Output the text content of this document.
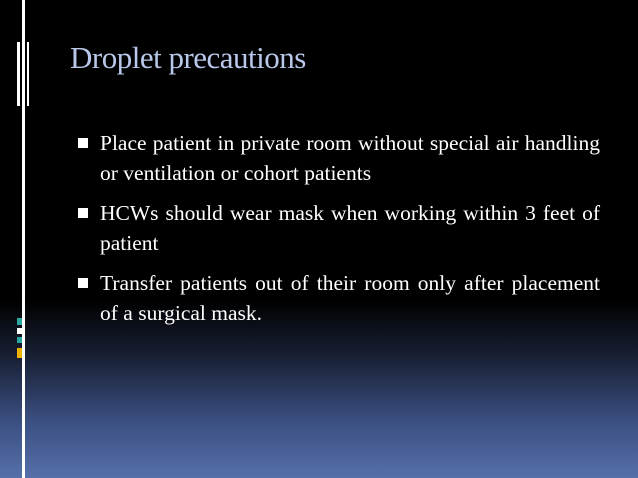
Droplet precautions
Place patient in private room without special air handling or ventilation or cohort patients
HCWs should wear mask when working within 3 feet of patient
Transfer patients out of their room only after placement of a surgical mask.
